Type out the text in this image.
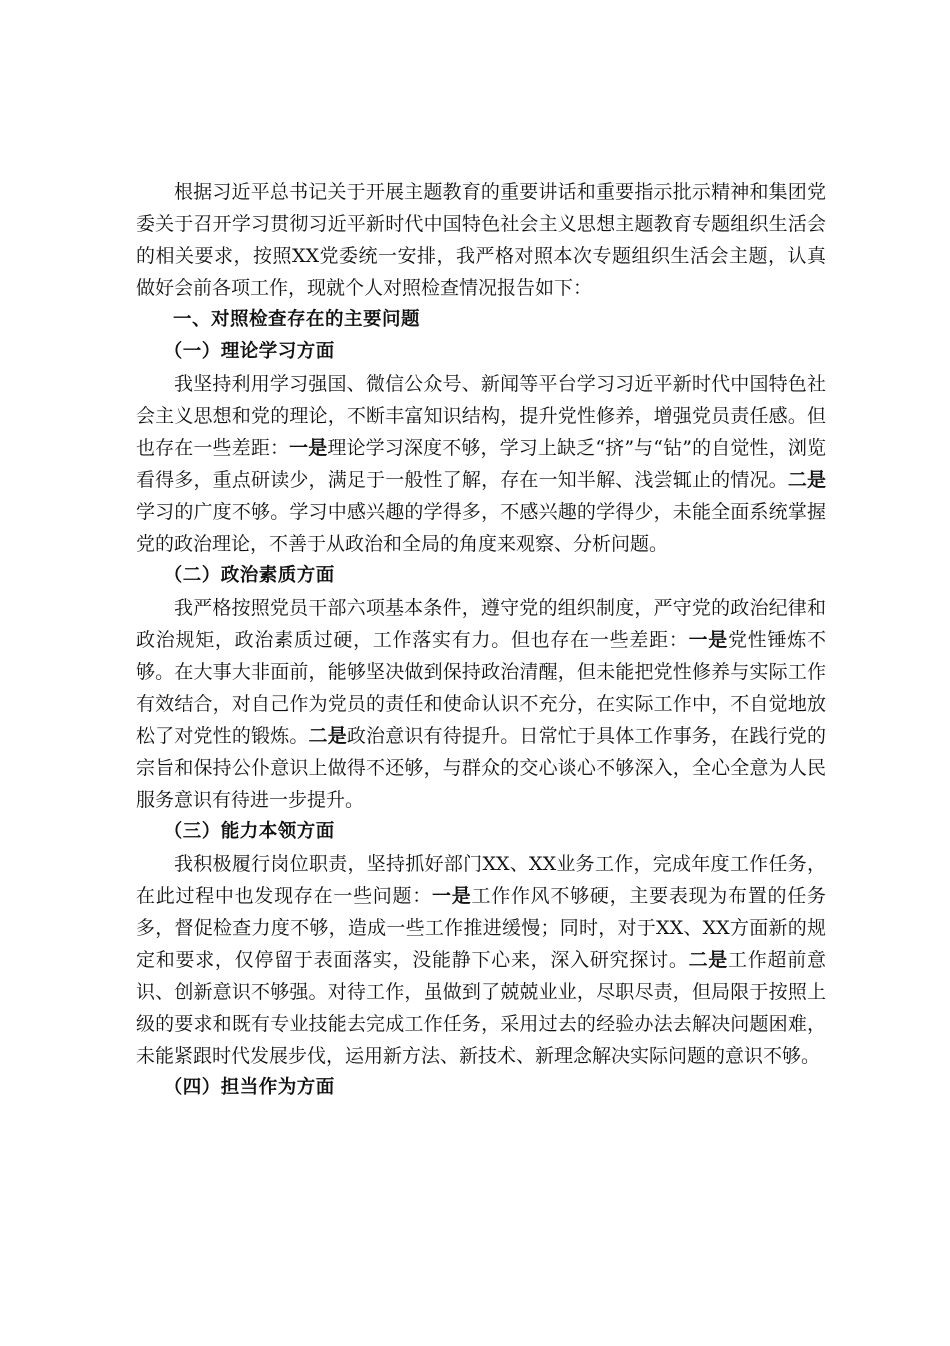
根据习近平总书记关于开展主题教育的重要讲话和重要指示批示精神和集团党委关于召开学习贯彻习近平新时代中国特色社会主义思想主题教育专题组织生活会的相关要求，按照XX党委统一安排，我严格对照本次专题组织生活会主题，认真做好会前各项工作，现就个人对照检查情况报告如下：

一、对照检查存在的主要问题

（一）理论学习方面

我坚持利用学习强国、微信公众号、新闻等平台学习习近平新时代中国特色社会主义思想和党的理论，不断丰富知识结构，提升党性修养，增强党员责任感。但也存在一些差距：一是理论学习深度不够，学习上缺乏“挤”与“钻”的自觉性，浏览看得多，重点研读少，满足于一般性了解，存在一知半解、浅尝辄止的情况。二是学习的广度不够。学习中感兴趣的学得多，不感兴趣的学得少，未能全面系统掌握党的政治理论，不善于从政治和全局的角度来观察、分析问题。

（二）政治素质方面

我严格按照党员干部六项基本条件，遵守党的组织制度，严守党的政治纪律和政治规矩，政治素质过硬，工作落实有力。但也存在一些差距：一是党性锤炼不够。在大事大非面前，能够坚决做到保持政治清醒，但未能把党性修养与实际工作有效结合，对自己作为党员的责任和使命认识不充分，在实际工作中，不自觉地放松了对党性的锻炼。二是政治意识有待提升。日常忙于具体工作事务，在践行党的宗旨和保持公仆意识上做得不还够，与群众的交心谈心不够深入，全心全意为人民服务意识有待进一步提升。

（三）能力本领方面

我积极履行岗位职责，坚持抓好部门XX、XX业务工作，完成年度工作任务，在此过程中也发现存在一些问题：一是工作作风不够硬，主要表现为布置的任务多，督促检查力度不够，造成一些工作推进缓慢；同时，对于XX、XX方面新的规定和要求，仅停留于表面落实，没能静下心来，深入研究探讨。二是工作超前意识、创新意识不够强。对待工作，虽做到了兢兢业业，尽职尽责，但局限于按照上级的要求和既有专业技能去完成工作任务，采用过去的经验办法去解决问题困难，未能紧跟时代发展步伐，运用新方法、新技术、新理念解决实际问题的意识不够。

（四）担当作为方面
